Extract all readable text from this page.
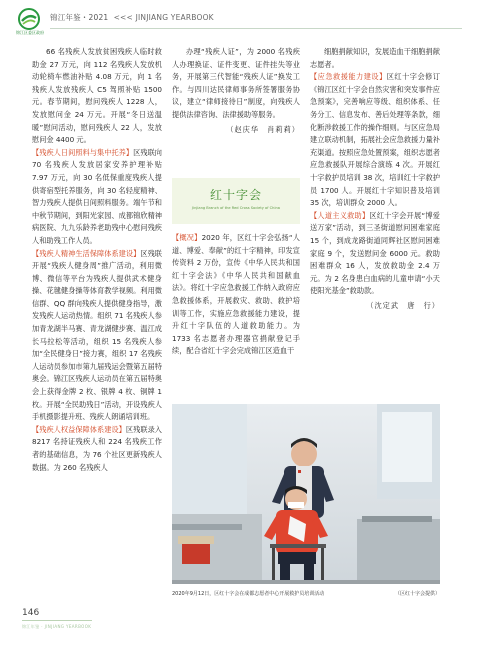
锦江区委区政府
锦江年鉴・2021 <<< JINJIANG YEARBOOK

66 名残疾人发放贫困残疾人临时救助金 27 万元，向 112 名残疾人发放机动轮椅车燃油补贴 4.08 万元，向 1 名残疾人发放残疾人 C5 驾照补贴 1500 元。春节期间，慰问残疾人 1228 人，发放慰问金 24 万元。开展“冬日送温暖”慰问活动，慰问残疾人 22 人，发放慰问金 4400 元。

【残疾人日间照料与集中托养】区残联向 70 名残疾人发放居家安养护理补贴 7.97 万元，向 30 名低保重度残疾人提供寄宿型托养服务，向 30 名轻度精神、智力残疾人提供日间照料服务。端午节和中秋节期间，到阳光家园、成都锦欣精神病医院、九九乐龄养老助残中心慰问残疾人和助残工作人员。

【残疾人精神生活保障体系建设】区残联开展“残疾人健身周”推广活动，利用微博、微信等平台为残疾人提供武术健身操、花毽健身操等体育教学视频。利用微信群、QQ 群向残疾人提供健身指导，激发残疾人运动热情。组织 71 名残疾人参加青龙湖半马赛、青龙湖健步赛、温江成长马拉松等活动，组织 15 名残疾人参加“全民健身日”接力赛，组织 17 名残疾人运动员参加市第九届残运会暨第五届特奥会。锦江区残疾人运动员在第五届特奥会上获得金牌 2 枚、银牌 4 枚、铜牌 1 枚。开展“全民助残日”活动，开设残疾人手机摄影提升班、残疾人朗诵培训班。

【残疾人权益保障体系建设】区残联录入 8217 名持证残疾人和 224 名残疾工作者的基础信息，为 76 个社区更新残疾人数据。为 260 名残疾人

办理“残疾人证”，为 2000 名残疾人办理换证、证件变更、证件挂失等业务，开展第三代智能“残疾人证”换发工作。与四川达民律师事务所签署服务协议，建立“律师接待日”制度，向残疾人提供法律咨询、法律援助等服务。

（赵庆华　肖莉莉）

红十字会
Jinjiang Branch of the Red Cross Society of China

【概况】2020 年，区红十字会弘扬“人道、博爱、奉献”的红十字精神，印发宣传资料 2 万份，宣传《中华人民共和国红十字会法》《中华人民共和国献血法》。将红十字应急救援工作纳入政府应急救援体系，开展救灾、救助、救护培训等工作，实施应急救援能力建设，提升红十字队伍的人道救助能力。为 1733 名志愿者办理器官捐献登记手续，配合省红十字会完成锦江区造血干

细胞捐献知识，发展造血干细胞捐献志愿者。

【应急救援能力建设】区红十字会修订《锦江区红十字会自然灾害和突发事件应急预案》，完善响应等级、组织体系、任务分工、信息发布、善后处理等条款，细化断涉救援工作的操作细则。与区应急局建立联动机制，拓展社会应急救援力量补充渠道。按照应急处置预案，组织志愿者应急救援队开展综合演练 4 次。开展红十字救护员培训 38 次，培训红十字救护员 1700 人。开展红十字知识普及培训 35 次，培训群众 2000 人。

【人道主义救助】区红十字会开展“博爱送万家”活动，到三圣街道慰问困难家庭 15 个，到成龙路街道同辉社区慰问困难家庭 9 个，发送慰问金 6000 元。救助困难群众 16 人，发放救助金 2.4 万元。为 2 名身患白血病的儿童申请“小天使阳光基金”救助款。

（沈定武　唐　行）

2020年9月12日，区红十字会在成都志愿者中心开展救护员培训活动	（区红十字会提供）
146
锦江年鉴 · JINJIANG YEARBOOK
